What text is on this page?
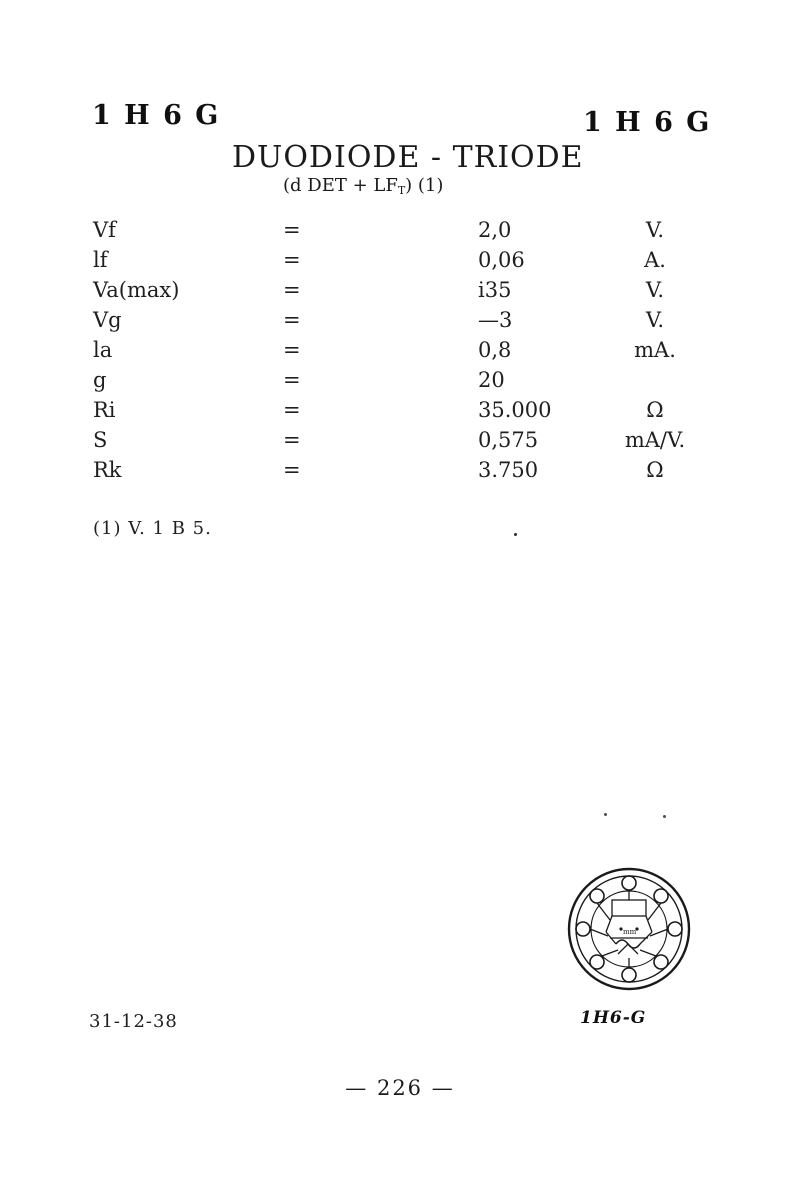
1 H 6 G	1 H 6 G
DUODIODE - TRIODE
(d DET + $LF_T$) (1)
Vf	=	2,0	V.
lf	=	0,06	A.
Va(max)	=	i35	V.
Vg	=	—3	V.
la	=	0,8	mA.
g	=	20
Ri	=	35.000	Ω
S	=	0,575	mA/V.
Rk	=	3.750	Ω
(1) V. 1 B 5.
mm
1H6-G
31-12-38
— 226 —
